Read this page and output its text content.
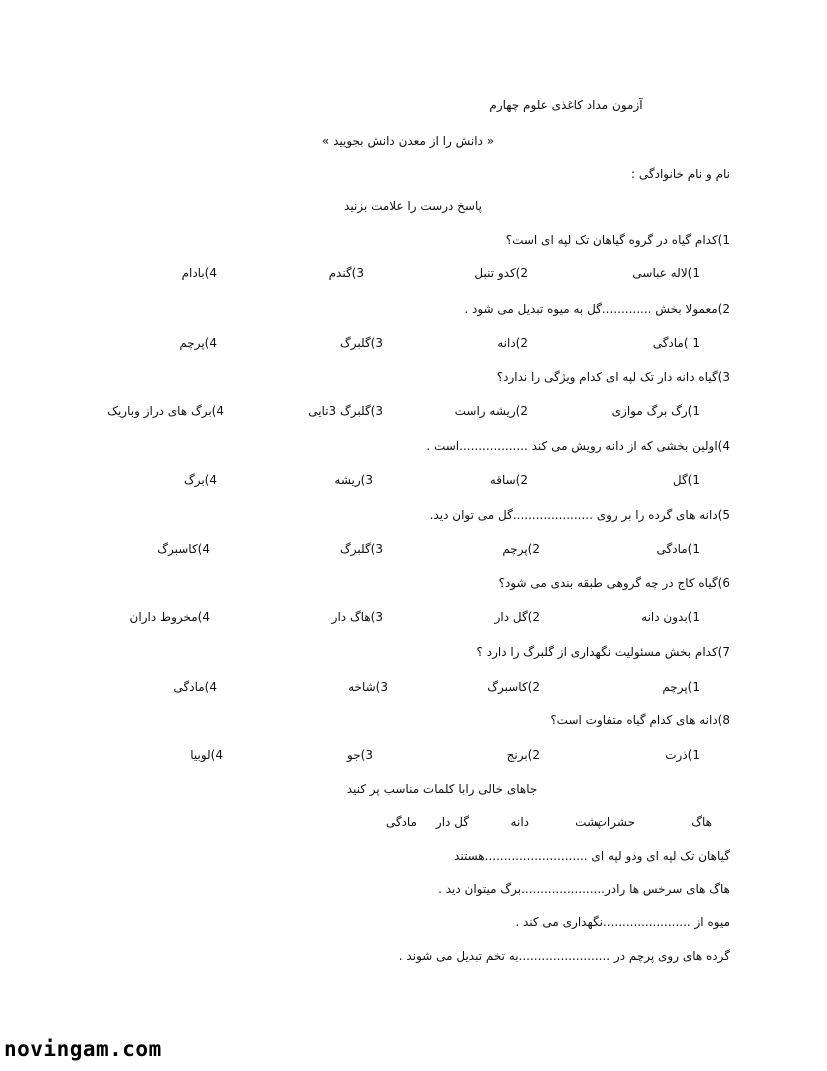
آزمون مداد کاغذی علوم چهارم
« دانش را از معدن دانش بجویید »
نام و نام خانوادگی :
پاسخ درست را علامت بزنید
1)کدام گیاه در گروه گیاهان تک لپه ای است؟
1)لاله عباسی
2)کدو تنبل
3)گندم
4)بادام
2)معمولا بخش .............گل به میوه تبدیل می شود .
1 )مادگی
2)دانه
3)گلبرگ
4)پرچم
3)گیاه دانه دار تک لپه ای کدام ویژگی را ندارد؟
1)رگ برگ موازی
2)ریشه راست
3)گلبرگ 3تایی
4)برگ های دراز وباریک
4)اولین بخشی که از دانه رویش می کند ..................است .
1)گل
2)ساقه
3)ریشه
4)برگ
5)دانه های گرده را بر روی .....................گل می توان دید.
1)مادگی
2)پرچم
3)گلبرگ
4)کاسبرگ
6)گیاه کاج در چه گروهی طبقه بندی می شود؟
1)بدون دانه
2)گل دار
3)هاگ دار
4)مخروط داران
7)کدام بخش مسئولیت نگهداری از گلبرگ را دارد ؟
1)پرچم
2)کاسبرگ
3)شاخه
4)مادگی
8)دانه های کدام گیاه متفاوت است؟
1)ذرت
2)برنج
3)جو
4)لوبیا
جاهای خالی رابا کلمات مناسب پر کنید
هاگ
حشرات
پشت
دانه
گل دار
مادگی
گیاهان تک لپه ای ودو لپه ای ...........................هستند
هاگ های سرخس ها رادر......................برگ میتوان دید .
میوه از .......................نگهداری می کند .
گرده های روی پرچم در ........................به تخم تبدیل می شوند .
novingam.com
